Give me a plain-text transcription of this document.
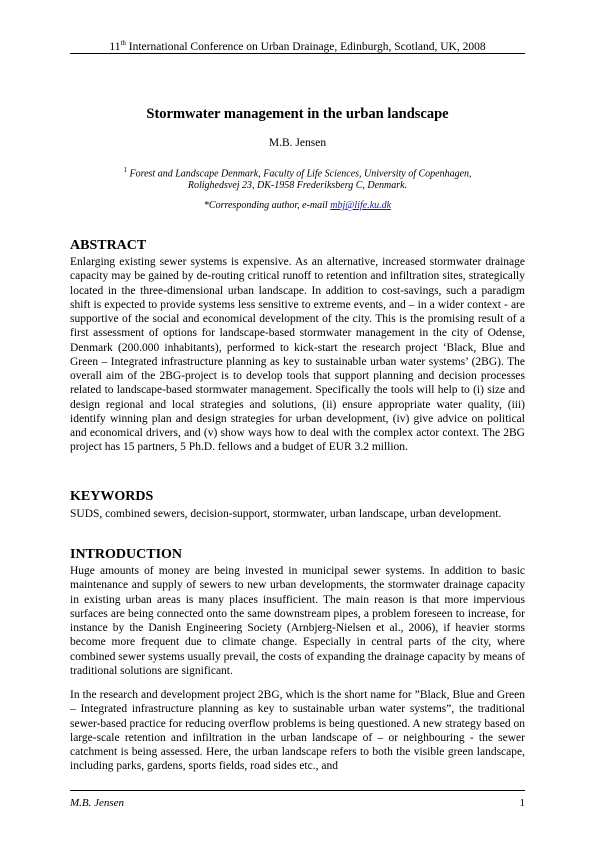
11th International Conference on Urban Drainage, Edinburgh, Scotland, UK, 2008
Stormwater management in the urban landscape
M.B. Jensen
$^1$ Forest and Landscape Denmark, Faculty of Life Sciences, University of Copenhagen,
Rolighedsvej 23, DK-1958 Frederiksberg C, Denmark.
*Corresponding author, e-mail mbj@life.ku.dk
ABSTRACT

Enlarging existing sewer systems is expensive. As an alternative, increased stormwater drainage capacity may be gained by de-routing critical runoff to retention and infiltration sites, strategically located in the three-dimensional urban landscape. In addition to cost-savings, such a paradigm shift is expected to provide systems less sensitive to extreme events, and – in a wider context - are supportive of the social and economical development of the city. This is the promising result of a first assessment of options for landscape-based stormwater management in the city of Odense, Denmark (200.000 inhabitants), performed to kick-start the research project ‘Black, Blue and Green – Integrated infrastructure planning as key to sustainable urban water systems’ (2BG). The overall aim of the 2BG-project is to develop tools that support planning and decision processes related to landscape-based stormwater management. Specifically the tools will help to (i) size and design regional and local strategies and solutions, (ii) ensure appropriate water quality, (iii) identify winning plan and design strategies for urban development, (iv) give advice on political and economical drivers, and (v) show ways how to deal with the complex actor context. The 2BG project has 15 partners, 5 Ph.D. fellows and a budget of EUR 3.2 million.

KEYWORDS

SUDS, combined sewers, decision-support, stormwater, urban landscape, urban development.

INTRODUCTION

Huge amounts of money are being invested in municipal sewer systems. In addition to basic maintenance and supply of sewers to new urban developments, the stormwater drainage capacity in existing urban areas is many places insufficient. The main reason is that more impervious surfaces are being connected onto the same downstream pipes, a problem foreseen to increase, for instance by the Danish Engineering Society (Arnbjerg-Nielsen et al., 2006), if heavier storms become more frequent due to climate change. Especially in central parts of the city, where combined sewer systems usually prevail, the costs of expanding the drainage capacity by means of traditional solutions are significant.

In the research and development project 2BG, which is the short name for ”Black, Blue and Green – Integrated infrastructure planning as key to sustainable urban water systems”, the traditional sewer-based practice for reducing overflow problems is being questioned. A new strategy based on large-scale retention and infiltration in the urban landscape of – or neighbouring - the sewer catchment is being assessed. Here, the urban landscape refers to both the visible green landscape, including parks, gardens, sports fields, road sides etc., and

M.B. Jensen	1
